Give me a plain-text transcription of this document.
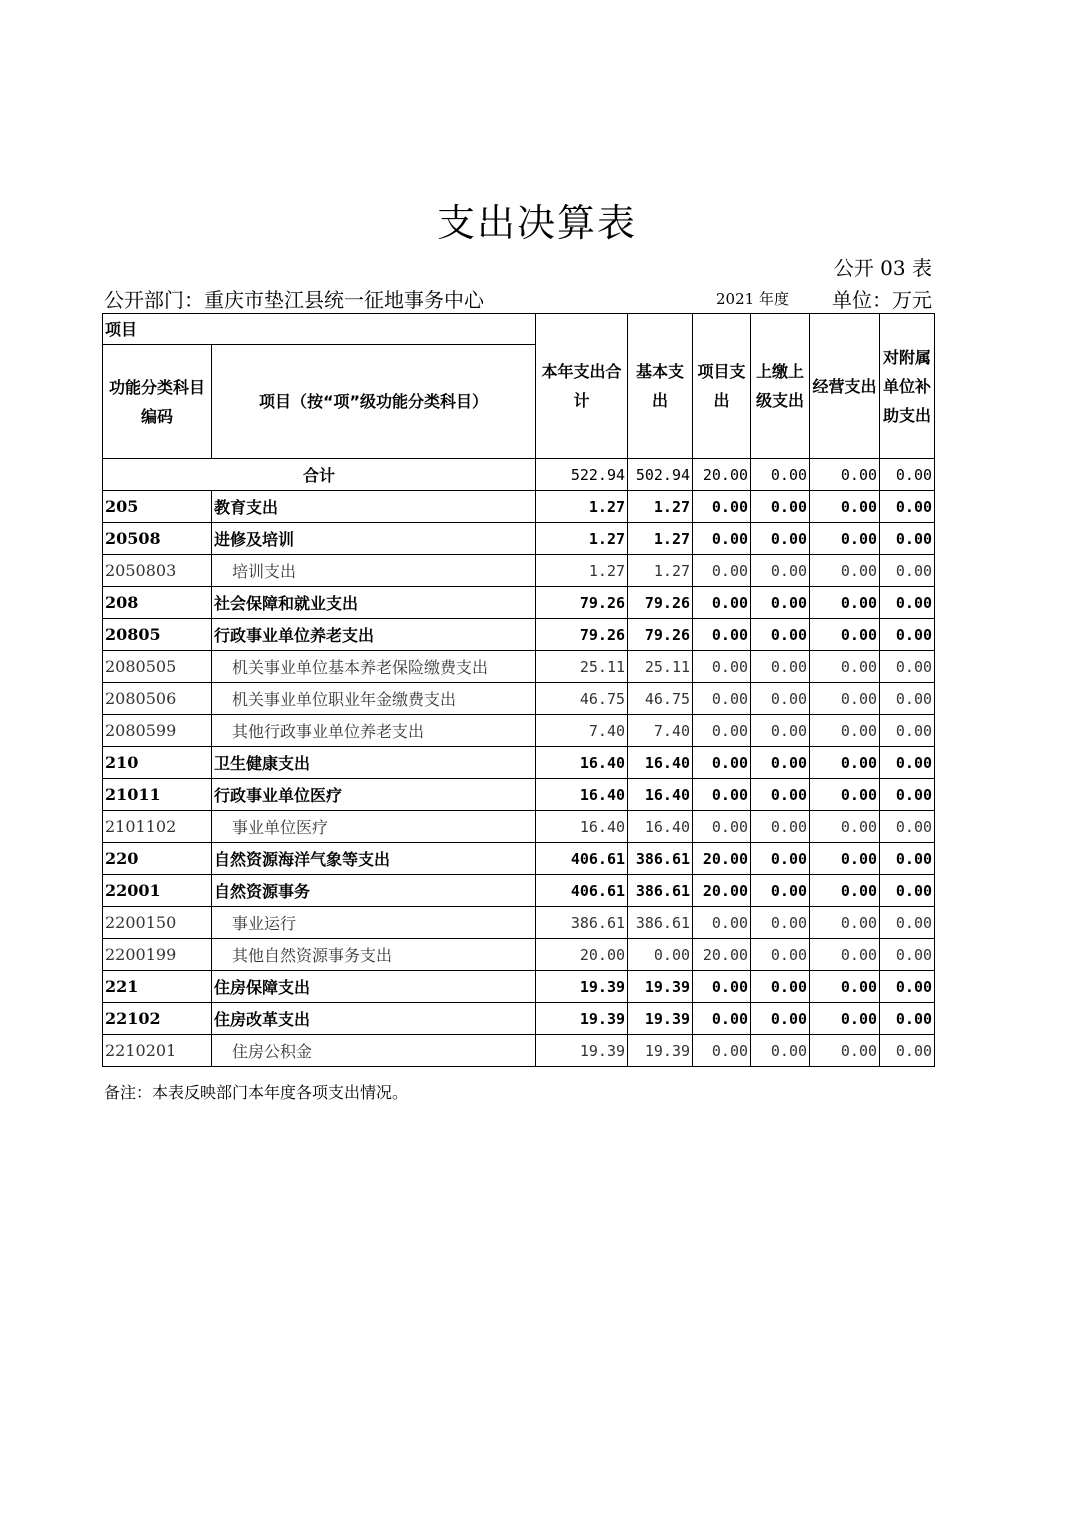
支出决算表
公开 03 表
公开部门：重庆市垫江县统一征地事务中心	2021 年度 单位：万元
项目		本年支出合计	基本支出	项目支出	上缴上级支出	经营支出	对附属单位补助支出
功能分类科目编码	项目（按“项”级功能分类科目）						
合计		522.94	502.94	20.00	0.00	0.00	0.00
205	教育支出	1.27	1.27	0.00	0.00	0.00	0.00
20508	进修及培训	1.27	1.27	0.00	0.00	0.00	0.00
2050803	培训支出	1.27	1.27	0.00	0.00	0.00	0.00
208	社会保障和就业支出	79.26	79.26	0.00	0.00	0.00	0.00
20805	行政事业单位养老支出	79.26	79.26	0.00	0.00	0.00	0.00
2080505	机关事业单位基本养老保险缴费支出	25.11	25.11	0.00	0.00	0.00	0.00
2080506	机关事业单位职业年金缴费支出	46.75	46.75	0.00	0.00	0.00	0.00
2080599	其他行政事业单位养老支出	7.40	7.40	0.00	0.00	0.00	0.00
210	卫生健康支出	16.40	16.40	0.00	0.00	0.00	0.00
21011	行政事业单位医疗	16.40	16.40	0.00	0.00	0.00	0.00
2101102	事业单位医疗	16.40	16.40	0.00	0.00	0.00	0.00
220	自然资源海洋气象等支出	406.61	386.61	20.00	0.00	0.00	0.00
22001	自然资源事务	406.61	386.61	20.00	0.00	0.00	0.00
2200150	事业运行	386.61	386.61	0.00	0.00	0.00	0.00
2200199	其他自然资源事务支出	20.00	0.00	20.00	0.00	0.00	0.00
221	住房保障支出	19.39	19.39	0.00	0.00	0.00	0.00
22102	住房改革支出	19.39	19.39	0.00	0.00	0.00	0.00
2210201	住房公积金	19.39	19.39	0.00	0.00	0.00	0.00
备注：本表反映部门本年度各项支出情况。
